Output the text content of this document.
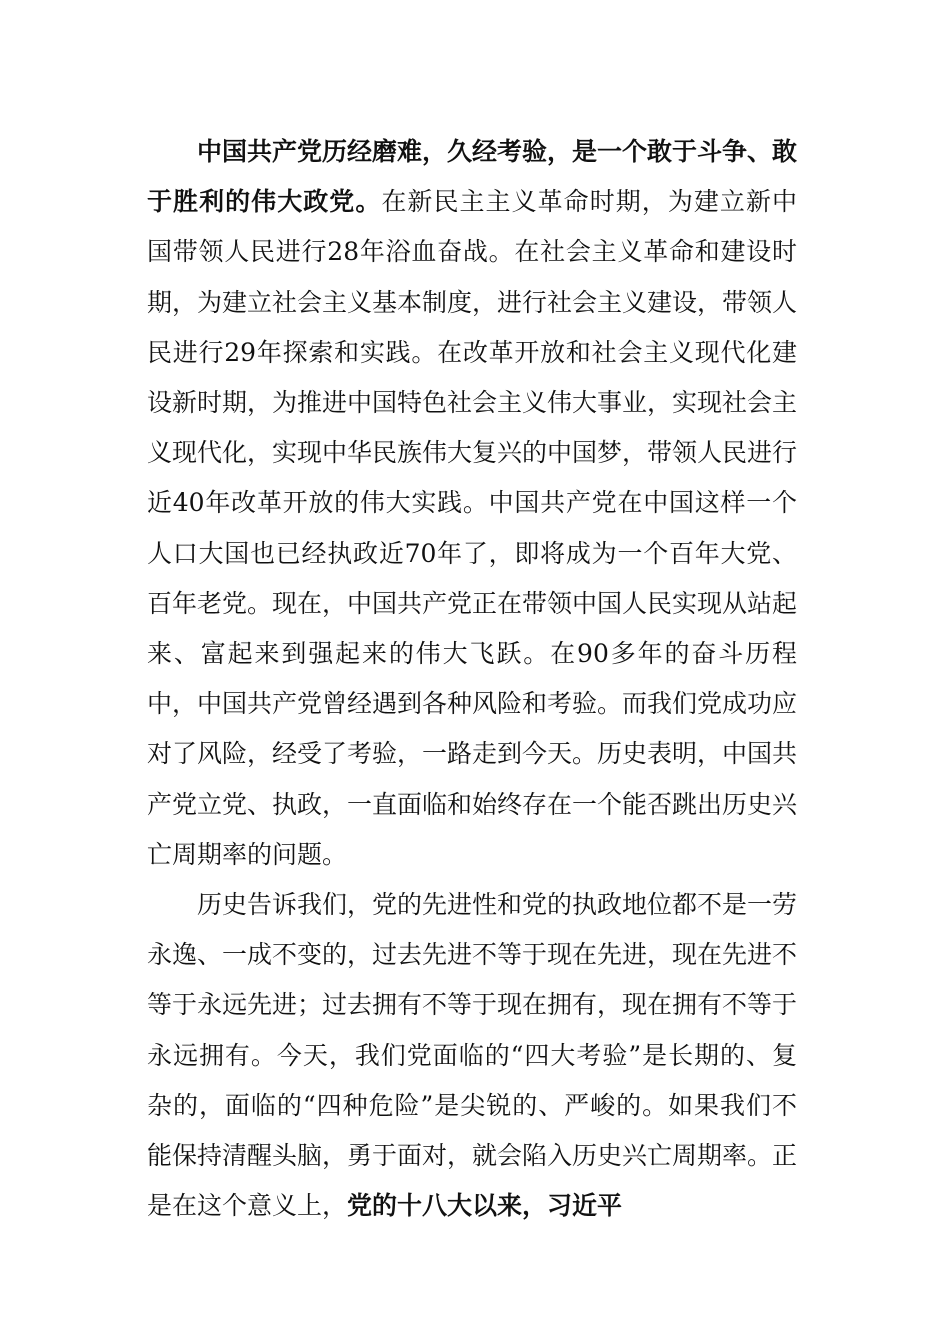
中国共产党历经磨难，久经考验，是一个敢于斗争、敢于胜利的伟大政党。在新民主主义革命时期，为建立新中国带领人民进行28年浴血奋战。在社会主义革命和建设时期，为建立社会主义基本制度，进行社会主义建设，带领人民进行29年探索和实践。在改革开放和社会主义现代化建设新时期，为推进中国特色社会主义伟大事业，实现社会主义现代化，实现中华民族伟大复兴的中国梦，带领人民进行近40年改革开放的伟大实践。中国共产党在中国这样一个人口大国也已经执政近70年了，即将成为一个百年大党、百年老党。现在，中国共产党正在带领中国人民实现从站起来、富起来到强起来的伟大飞跃。在90多年的奋斗历程中，中国共产党曾经遇到各种风险和考验。而我们党成功应对了风险，经受了考验，一路走到今天。历史表明，中国共产党立党、执政，一直面临和始终存在一个能否跳出历史兴亡周期率的问题。

历史告诉我们，党的先进性和党的执政地位都不是一劳永逸、一成不变的，过去先进不等于现在先进，现在先进不等于永远先进；过去拥有不等于现在拥有，现在拥有不等于永远拥有。今天，我们党面临的“四大考验”是长期的、复杂的，面临的“四种危险”是尖锐的、严峻的。如果我们不能保持清醒头脑，勇于面对，就会陷入历史兴亡周期率。正是在这个意义上，党的十八大以来，习近平
